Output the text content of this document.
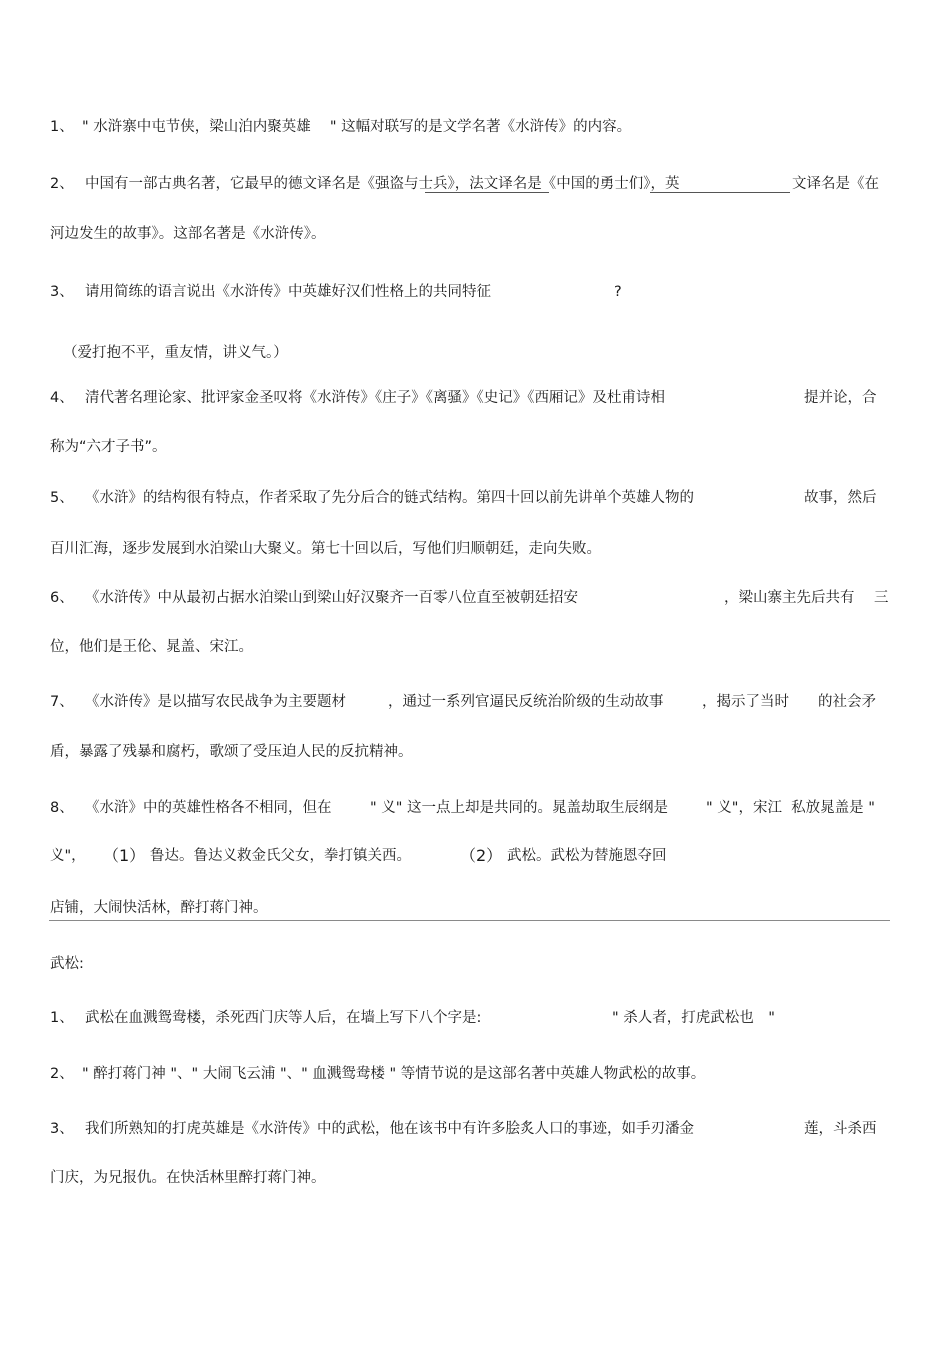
1、 " 水浒寨中屯节侠，梁山泊内聚英雄　 " 这幅对联写的是文学名著《水浒传》的内容。
2、 中国有一部古典名著，它最早的德文译名是《强盗与士兵》，法文译名是《中国的勇士们》，英	文译名是《在
河边发生的故事》。这部名著是《水浒传》。
3、 请用简练的语言说出《水浒传》中英雄好汉们性格上的共同特征	?
（爱打抱不平，重友情，讲义气。）
4、 清代著名理论家、批评家金圣叹将《水浒传》《庄子》《离骚》《史记》《西厢记》及杜甫诗相	提并论，合
称为“六才子书”。
5、 《水浒》的结构很有特点，作者采取了先分后合的链式结构。第四十回以前先讲单个英雄人物的	故事，然后
百川汇海，逐步发展到水泊梁山大聚义。第七十回以后，写他们归顺朝廷，走向失败。
6、 《水浒传》中从最初占据水泊梁山到梁山好汉聚齐一百零八位直至被朝廷招安	，梁山寨主先后共有 三
位，他们是王伦、晁盖、宋江。
7、 《水浒传》是以描写农民战争为主要题材	，通过一系列官逼民反统治阶级的生动故事	，揭示了当时 的社会矛
盾，暴露了残暴和腐朽，歌颂了受压迫人民的反抗精神。
8、 《水浒》中的英雄性格各不相同，但在	" 义" 这一点上却是共同的。晁盖劫取生辰纲是	" 义"，宋江  私放晁盖是 "
义"， （1） 鲁达。鲁达义救金氏父女，拳打镇关西。	（2） 武松。武松为替施恩夺回
店铺，大闹快活林，醉打蒋门神。
武松:
1、 武松在血溅鸳鸯楼，杀死西门庆等人后，在墙上写下八个字是:	" 杀人者，打虎武松也　"
2、 " 醉打蒋门神 "、" 大闹飞云浦 "、" 血溅鸳鸯楼 " 等情节说的是这部名著中英雄人物武松的故事。
3、 我们所熟知的打虎英雄是《水浒传》中的武松，他在该书中有许多脍炙人口的事迹，如手刃潘金	莲，斗杀西
门庆，为兄报仇。在快活林里醉打蒋门神。
